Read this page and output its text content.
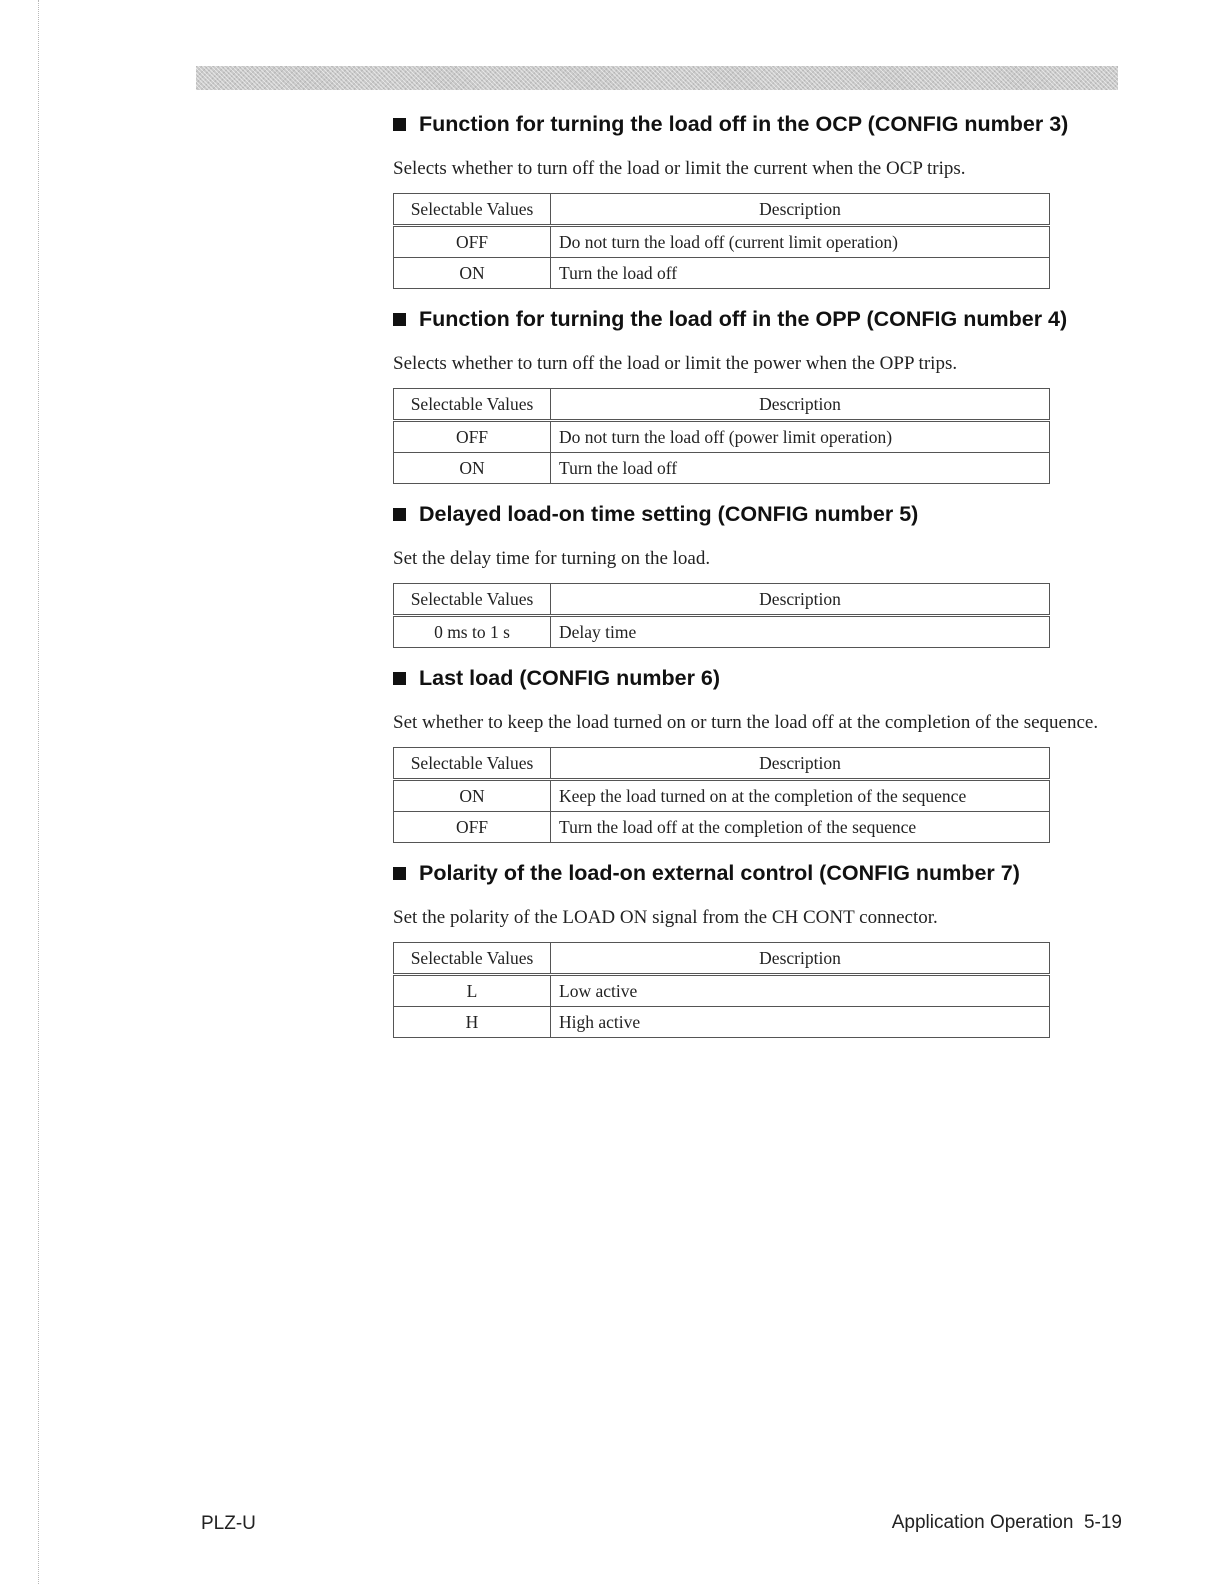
Function for turning the load off in the OCP (CONFIG number 3)

Selects whether to turn off the load or limit the current when the OCP trips.

Selectable Values	Description
OFF	Do not turn the load off (current limit operation)
ON	Turn the load off
Function for turning the load off in the OPP (CONFIG number 4)

Selects whether to turn off the load or limit the power when the OPP trips.

Selectable Values	Description
OFF	Do not turn the load off (power limit operation)
ON	Turn the load off
Delayed load-on time setting (CONFIG number 5)

Set the delay time for turning on the load.

Selectable Values	Description
0 ms to 1 s	Delay time
Last load (CONFIG number 6)

Set whether to keep the load turned on or turn the load off at the completion of the sequence.

Selectable Values	Description
ON	Keep the load turned on at the completion of the sequence
OFF	Turn the load off at the completion of the sequence
Polarity of the load-on external control (CONFIG number 7)

Set the polarity of the LOAD ON signal from the CH CONT connector.

Selectable Values	Description
L	Low active
H	High active
PLZ-U	Application Operation  5-19
